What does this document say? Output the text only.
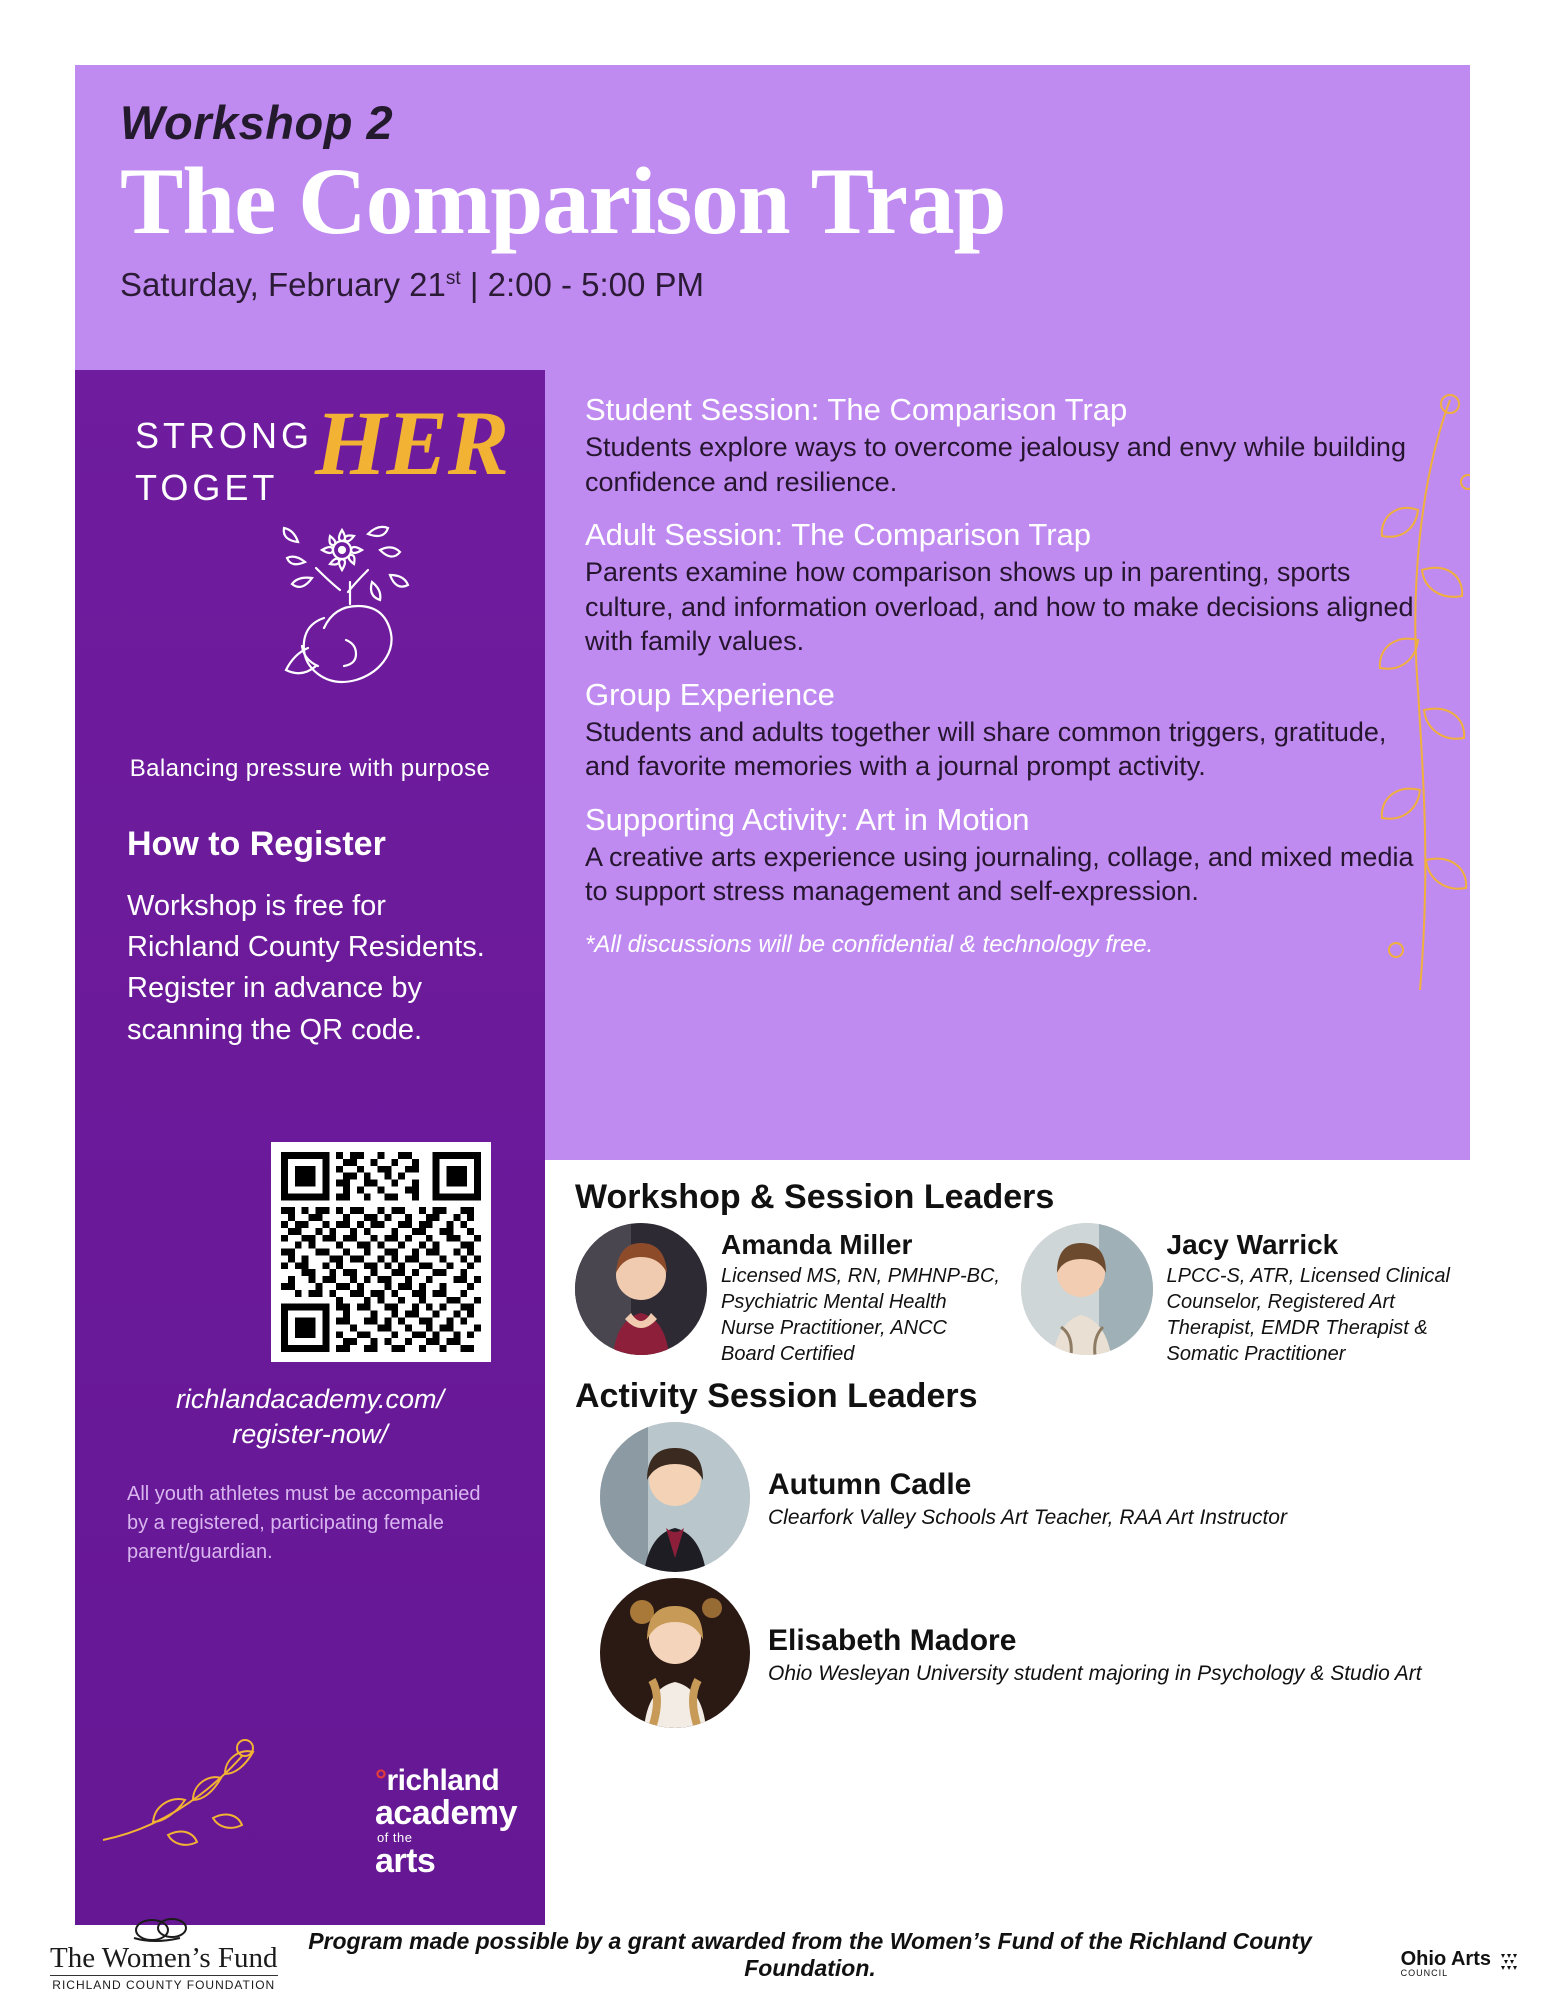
Workshop 2
The Comparison Trap
Saturday, February 21st | 2:00 - 5:00 PM
STRONG
TOGET HER
Balancing pressure with purpose
How to Register
Workshop is free for Richland County Residents. Register in advance by scanning the QR code.
richlandacademy.com/
register-now/
All youth athletes must be accompanied by a registered, participating female parent/guardian.
°richland
academy
of the
arts
Student Session: The Comparison Trap

Students explore ways to overcome jealousy and envy while building confidence and resilience.

Adult Session: The Comparison Trap

Parents examine how comparison shows up in parenting, sports culture, and information overload, and how to make decisions aligned with family values.

Group Experience

Students and adults together will share common triggers, gratitude, and favorite memories with a journal prompt activity.

Supporting Activity: Art in Motion

A creative arts experience using journaling, collage, and mixed media to support stress management and self-expression.

*All discussions will be confidential & technology free.
Workshop & Session Leaders

Amanda Miller

Licensed MS, RN, PMHNP-BC, Psychiatric Mental Health Nurse Practitioner, ANCC Board Certified

Jacy Warrick

LPCC-S, ATR, Licensed Clinical Counselor, Registered Art Therapist, EMDR Therapist & Somatic Practitioner

Activity Session Leaders

Autumn Cadle

Clearfork Valley Schools Art Teacher, RAA Art Instructor

Elisabeth Madore

Ohio Wesleyan University student majoring in Psychology & Studio Art

The Women’s Fund
RICHLAND COUNTY FOUNDATION
Program made possible by a grant awarded from the Women’s Fund of the Richland County Foundation.	Ohio Arts
COUNCIL
